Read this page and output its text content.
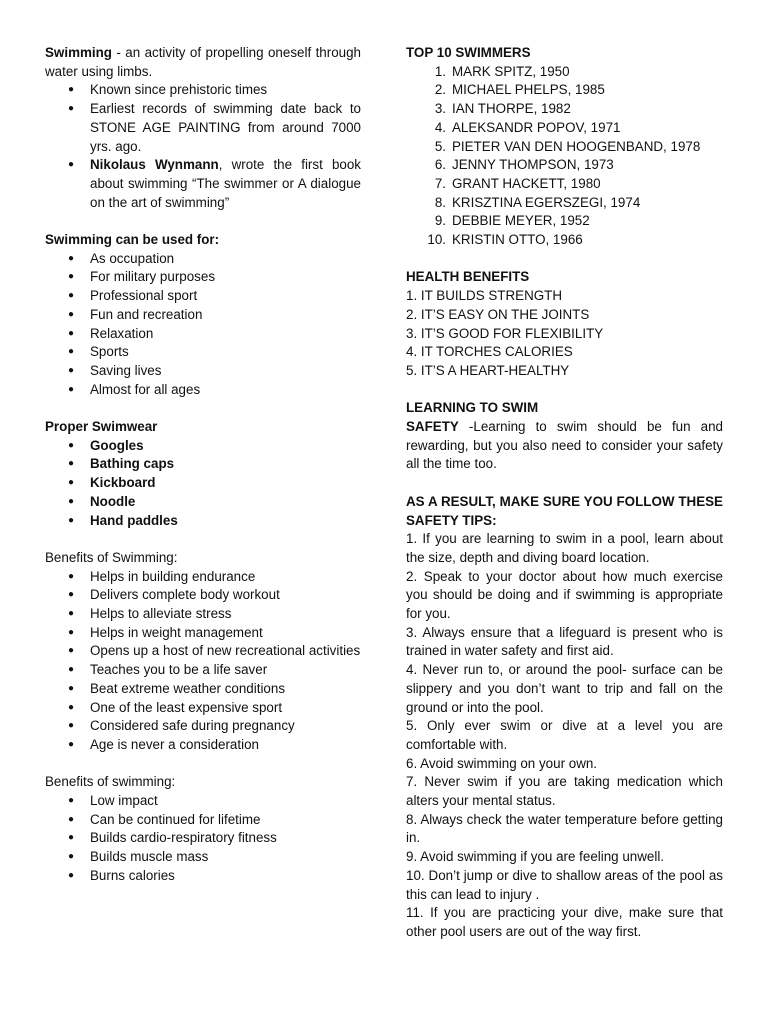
Swimming - an activity of propelling oneself through water using limbs.

● Known since prehistoric times
● Earliest records of swimming date back to STONE AGE PAINTING from around 7000 yrs. ago.
● Nikolaus Wynmann, wrote the first book about swimming “The swimmer or A dialogue on the art of swimming”

Swimming can be used for:

● As occupation
● For military purposes
● Professional sport
● Fun and recreation
● Relaxation
● Sports
● Saving lives
● Almost for all ages

Proper Swimwear

● Googles
● Bathing caps
● Kickboard
● Noodle
● Hand paddles

Benefits of Swimming:

● Helps in building endurance
● Delivers complete body workout
● Helps to alleviate stress
● Helps in weight management
● Opens up a host of new recreational activities
● Teaches you to be a life saver
● Beat extreme weather conditions
● One of the least expensive sport
● Considered safe during pregnancy
● Age is never a consideration

Benefits of swimming:

● Low impact
● Can be continued for lifetime
● Builds cardio-respiratory fitness
● Builds muscle mass
● Burns calories

TOP 10 SWIMMERS

1. MARK SPITZ, 1950
2. MICHAEL PHELPS, 1985
3. IAN THORPE, 1982
4. ALEKSANDR POPOV, 1971
5. PIETER VAN DEN HOOGENBAND, 1978
6. JENNY THOMPSON, 1973
7. GRANT HACKETT, 1980
8. KRISZTINA EGERSZEGI, 1974
9. DEBBIE MEYER, 1952
10. KRISTIN OTTO, 1966

HEALTH BENEFITS

1. IT BUILDS STRENGTH

2. IT’S EASY ON THE JOINTS

3. IT’S GOOD FOR FLEXIBILITY

4. IT TORCHES CALORIES

5. IT’S A HEART-HEALTHY

LEARNING TO SWIM

SAFETY -Learning to swim should be fun and rewarding, but you also need to consider your safety all the time too.

AS A RESULT, MAKE SURE YOU FOLLOW THESE SAFETY TIPS:

1. If you are learning to swim in a pool, learn about the size, depth and diving board location.

2. Speak to your doctor about how much exercise you should be doing and if swimming is appropriate for you.

3. Always ensure that a lifeguard is present who is trained in water safety and first aid.

4. Never run to, or around the pool- surface can be slippery and you don’t want to trip and fall on the ground or into the pool.

5. Only ever swim or dive at a level you are comfortable with.

6. Avoid swimming on your own.

7. Never swim if you are taking medication which alters your mental status.

8. Always check the water temperature before getting in.

9. Avoid swimming if you are feeling unwell.

10. Don’t jump or dive to shallow areas of the pool as this can lead to injury .

11. If you are practicing your dive, make sure that other pool users are out of the way first.
